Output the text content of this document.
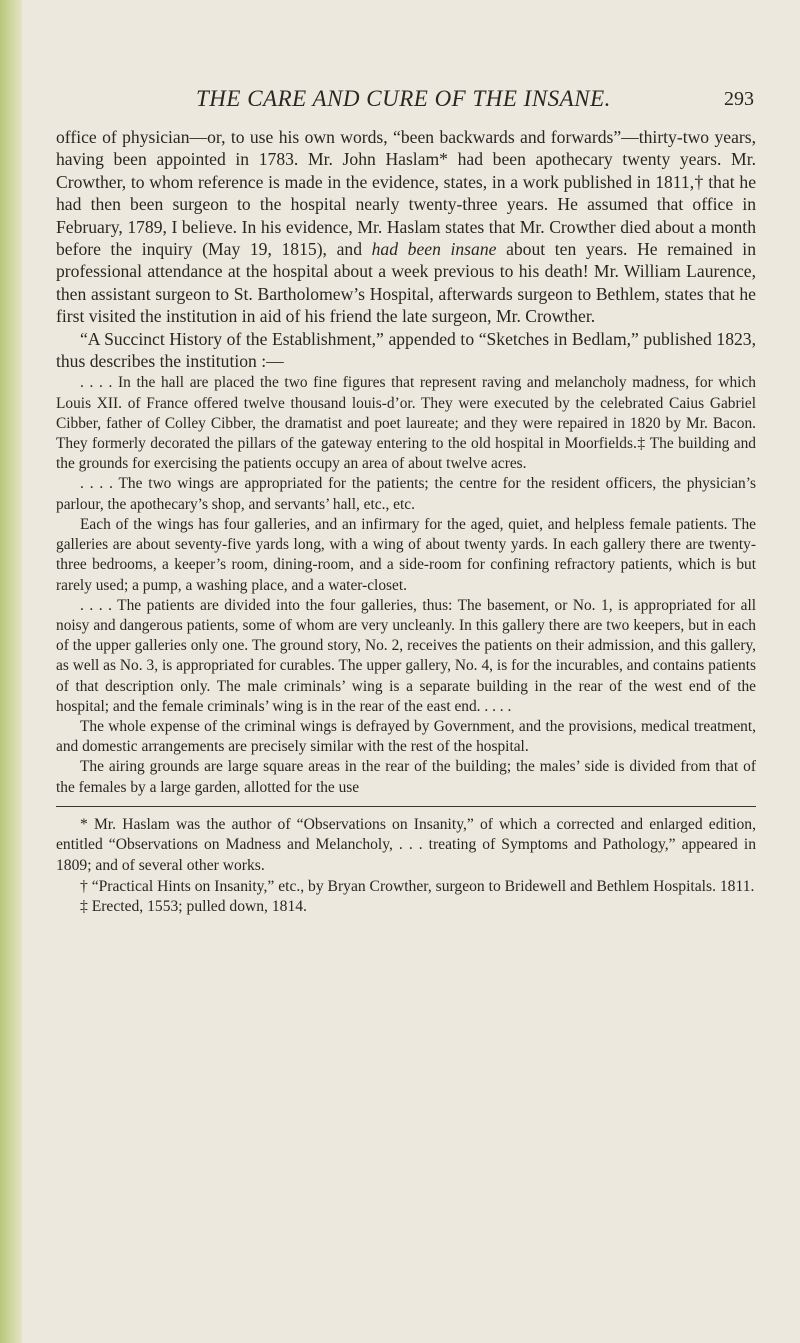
THE CARE AND CURE OF THE INSANE.	293

office of physician—or, to use his own words, “been backwards and forwards”—thirty-two years, having been appointed in 1783. Mr. John Haslam* had been apothecary twenty years. Mr. Crowther, to whom reference is made in the evidence, states, in a work published in 1811,† that he had then been surgeon to the hospital nearly twenty-three years. He assumed that office in February, 1789, I believe. In his evidence, Mr. Haslam states that Mr. Crowther died about a month before the inquiry (May 19, 1815), and had been insane about ten years. He remained in professional attendance at the hospital about a week previous to his death! Mr. William Laurence, then assistant surgeon to St. Bartholomew’s Hospital, afterwards surgeon to Bethlem, states that he first visited the institution in aid of his friend the late surgeon, Mr. Crowther.

“A Succinct History of the Establishment,” appended to “Sketches in Bedlam,” published 1823, thus describes the institution :—

. . . . In the hall are placed the two fine figures that represent raving and melancholy madness, for which Louis XII. of France offered twelve thousand louis-d’or. They were executed by the celebrated Caius Gabriel Cibber, father of Colley Cibber, the dramatist and poet laureate; and they were repaired in 1820 by Mr. Bacon. They formerly decorated the pillars of the gateway entering to the old hospital in Moorfields.‡ The building and the grounds for exercising the patients occupy an area of about twelve acres.

. . . . The two wings are appropriated for the patients; the centre for the resident officers, the physician’s parlour, the apothecary’s shop, and servants’ hall, etc., etc.

Each of the wings has four galleries, and an infirmary for the aged, quiet, and helpless female patients. The galleries are about seventy-five yards long, with a wing of about twenty yards. In each gallery there are twenty-three bedrooms, a keeper’s room, dining-room, and a side-room for confining refractory patients, which is but rarely used; a pump, a washing place, and a water-closet.

. . . . The patients are divided into the four galleries, thus: The basement, or No. 1, is appropriated for all noisy and dangerous patients, some of whom are very uncleanly. In this gallery there are two keepers, but in each of the upper galleries only one. The ground story, No. 2, receives the patients on their admission, and this gallery, as well as No. 3, is appropriated for curables. The upper gallery, No. 4, is for the incurables, and contains patients of that description only. The male criminals’ wing is a separate building in the rear of the west end of the hospital; and the female criminals’ wing is in the rear of the east end. . . . .

The whole expense of the criminal wings is defrayed by Government, and the provisions, medical treatment, and domestic arrangements are precisely similar with the rest of the hospital.

The airing grounds are large square areas in the rear of the building; the males’ side is divided from that of the females by a large garden, allotted for the use

* Mr. Haslam was the author of “Observations on Insanity,” of which a corrected and enlarged edition, entitled “Observations on Madness and Melancholy, . . . treating of Symptoms and Pathology,” appeared in 1809; and of several other works.

† “Practical Hints on Insanity,” etc., by Bryan Crowther, surgeon to Bridewell and Bethlem Hospitals. 1811.

‡ Erected, 1553; pulled down, 1814.
